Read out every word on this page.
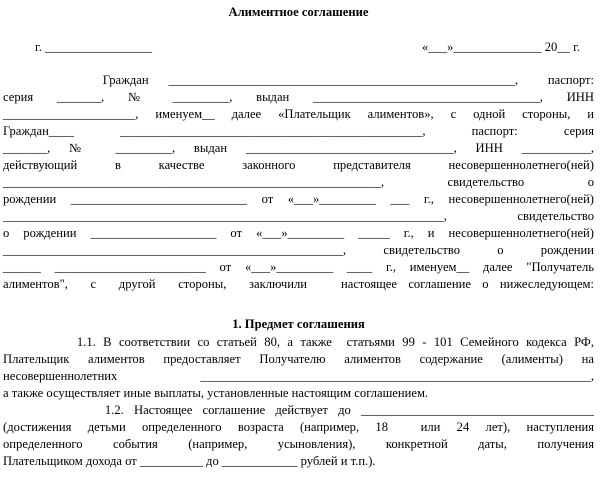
Алиментное соглашение
г. _________________	«___»______________ 20__ г.
Граждан  _______________________________________________________,   паспорт:
серия  _______,  №  _________,  выдан  ____________________________________,  ИНН
_____________________, именуем__ далее «Плательщик алиментов», с одной стороны, и
Граждан____  ________________________________________________,  паспорт:  серия
_______, № _________, выдан _________________________________, ИНН ___________,
действующий  в  качестве  законного  представителя  несовершеннолетнего(ней)
____________________________________________________________,  свидетельство  о
рождении ____________________________ от «___»_________ ___ г., несовершеннолетнего(ней)
______________________________________________________________________,  свидетельство
о рождении ____________________ от «___»_________ _____ г., и несовершеннолетнего(ней)
______________________________________________________, свидетельство о рождении
______ ________________________ от «___»_________ ____ г., именуем__ далее "Получатель
алиментов",  с  другой  стороны,  заключили   настоящее соглашение о нижеследующем:
1. Предмет соглашения
1.1. В соответствии со статьей 80, а также  статьями 99 - 101 Семейного кодекса РФ,
Плательщик алиментов предоставляет Получателю алиментов содержание (алименты) на
несовершеннолетних  ______________________________________________________________,
а также осуществляет иные выплаты, установленные настоящим соглашением.
1.2. Настоящее соглашение действует до _____________________________________
(достижения детьми определенного возраста (например, 18  или 24 лет), наступления
определенного  события  (например,  усыновления),  конкретной  даты,  получения
Плательщиком дохода от __________ до ____________ рублей и т.п.).
